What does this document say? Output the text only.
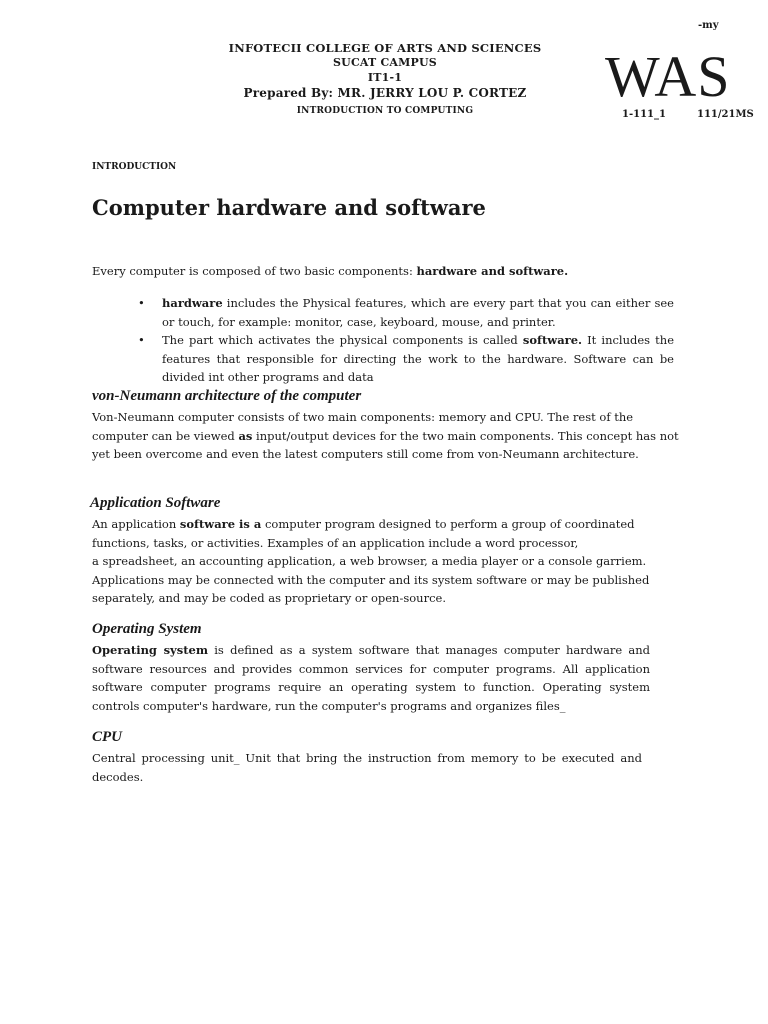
-my
WAS
1-111_1	111/21MS
INFOTECII COLLEGE OF ARTS AND SCIENCES
SUCAT CAMPUS
IT1-1
Prepared By: MR. JERRY LOU P. CORTEZ
INTRODUCTION TO COMPUTING
INTRODUCTION
Computer hardware and software
Every computer is composed of two basic components: hardware and software.
• hardware includes the Physical features, which are every part that you can either see or touch, for example: monitor, case, keyboard, mouse, and printer.
• The part which activates the physical components is called software. It includes the features that responsible for directing the work to the hardware. Software can be divided int other programs and data
von-Neumann architecture of the computer
Von-Neumann computer consists of two main components: memory and CPU. The rest of the computer can be viewed as input/output devices for the two main components. This concept has not yet been overcome and even the latest computers still come from von-Neumann architecture.
Application Software
An application software is a computer program designed to perform a group of coordinated functions, tasks, or activities. Examples of an application include a word processor,
a spreadsheet, an accounting application, a web browser, a media player or a console garriem. Applications may be connected with the computer and its system software or may be published separately, and may be coded as proprietary or open-source.
Operating System
Operating system is defined as a system software that manages computer hardware and software resources and provides common services for computer programs. All application software computer programs require an operating system to function. Operating system controls computer's hardware, run the computer's programs and organizes files_
CPU
Central processing unit_ Unit that bring the instruction from memory to be executed and decodes.
